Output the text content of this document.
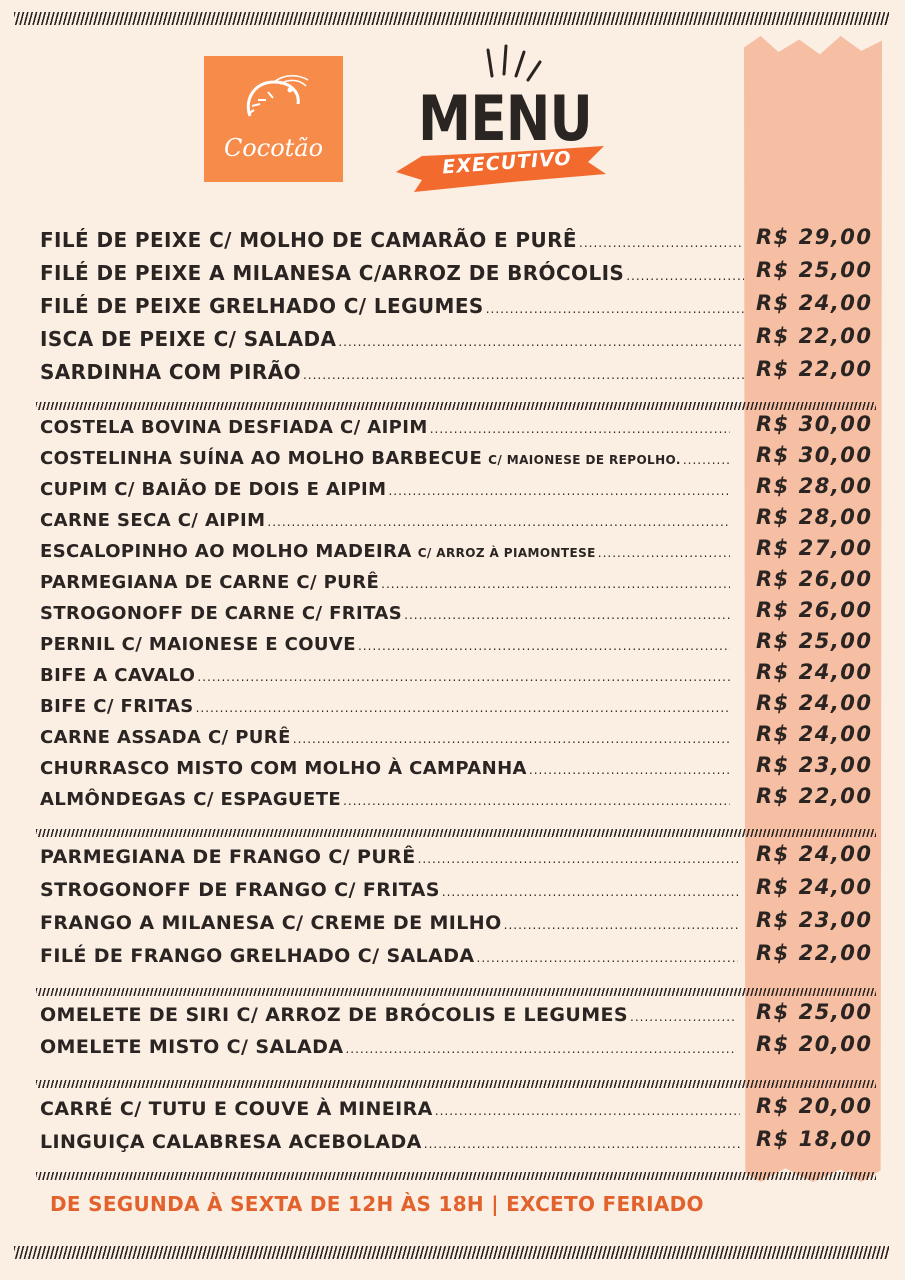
Cocotão	MENU
EXECUTIVO
FILÉ DE PEIXE C/ MOLHO DE CAMARÃO E PURÊ .....	R$ 29,00
FILÉ DE PEIXE A MILANESA C/ARROZ DE BRÓCOLIS .....	R$ 25,00
FILÉ DE PEIXE GRELHADO C/ LEGUMES .....	R$ 24,00
ISCA DE PEIXE C/ SALADA .....	R$ 22,00
SARDINHA COM PIRÃO .....	R$ 22,00
COSTELA BOVINA DESFIADA C/ AIPIM .....	R$ 30,00
COSTELINHA SUÍNA AO MOLHO BARBECUE C/ MAIONESE DE REPOLHO. .....	R$ 30,00
CUPIM C/ BAIÃO DE DOIS E AIPIM .....	R$ 28,00
CARNE SECA C/ AIPIM .....	R$ 28,00
ESCALOPINHO AO MOLHO MADEIRA C/ ARROZ À PIAMONTESE .....	R$ 27,00
PARMEGIANA DE CARNE C/ PURÊ .....	R$ 26,00
STROGONOFF DE CARNE C/ FRITAS .....	R$ 26,00
PERNIL C/ MAIONESE E COUVE .....	R$ 25,00
BIFE A CAVALO .....	R$ 24,00
BIFE C/ FRITAS .....	R$ 24,00
CARNE ASSADA C/ PURÊ .....	R$ 24,00
CHURRASCO MISTO COM MOLHO À CAMPANHA .....	R$ 23,00
ALMÔNDEGAS C/ ESPAGUETE .....	R$ 22,00
PARMEGIANA DE FRANGO C/ PURÊ .....	R$ 24,00
STROGONOFF DE FRANGO C/ FRITAS .....	R$ 24,00
FRANGO A MILANESA C/ CREME DE MILHO .....	R$ 23,00
FILÉ DE FRANGO GRELHADO C/ SALADA .....	R$ 22,00
OMELETE DE SIRI C/ ARROZ DE BRÓCOLIS E LEGUMES .....	R$ 25,00
OMELETE MISTO C/ SALADA .....	R$ 20,00
CARRÉ C/ TUTU E COUVE À MINEIRA .....	R$ 20,00
LINGUIÇA CALABRESA ACEBOLADA .....	R$ 18,00
DE SEGUNDA À SEXTA DE 12H ÀS 18H | EXCETO FERIADO
